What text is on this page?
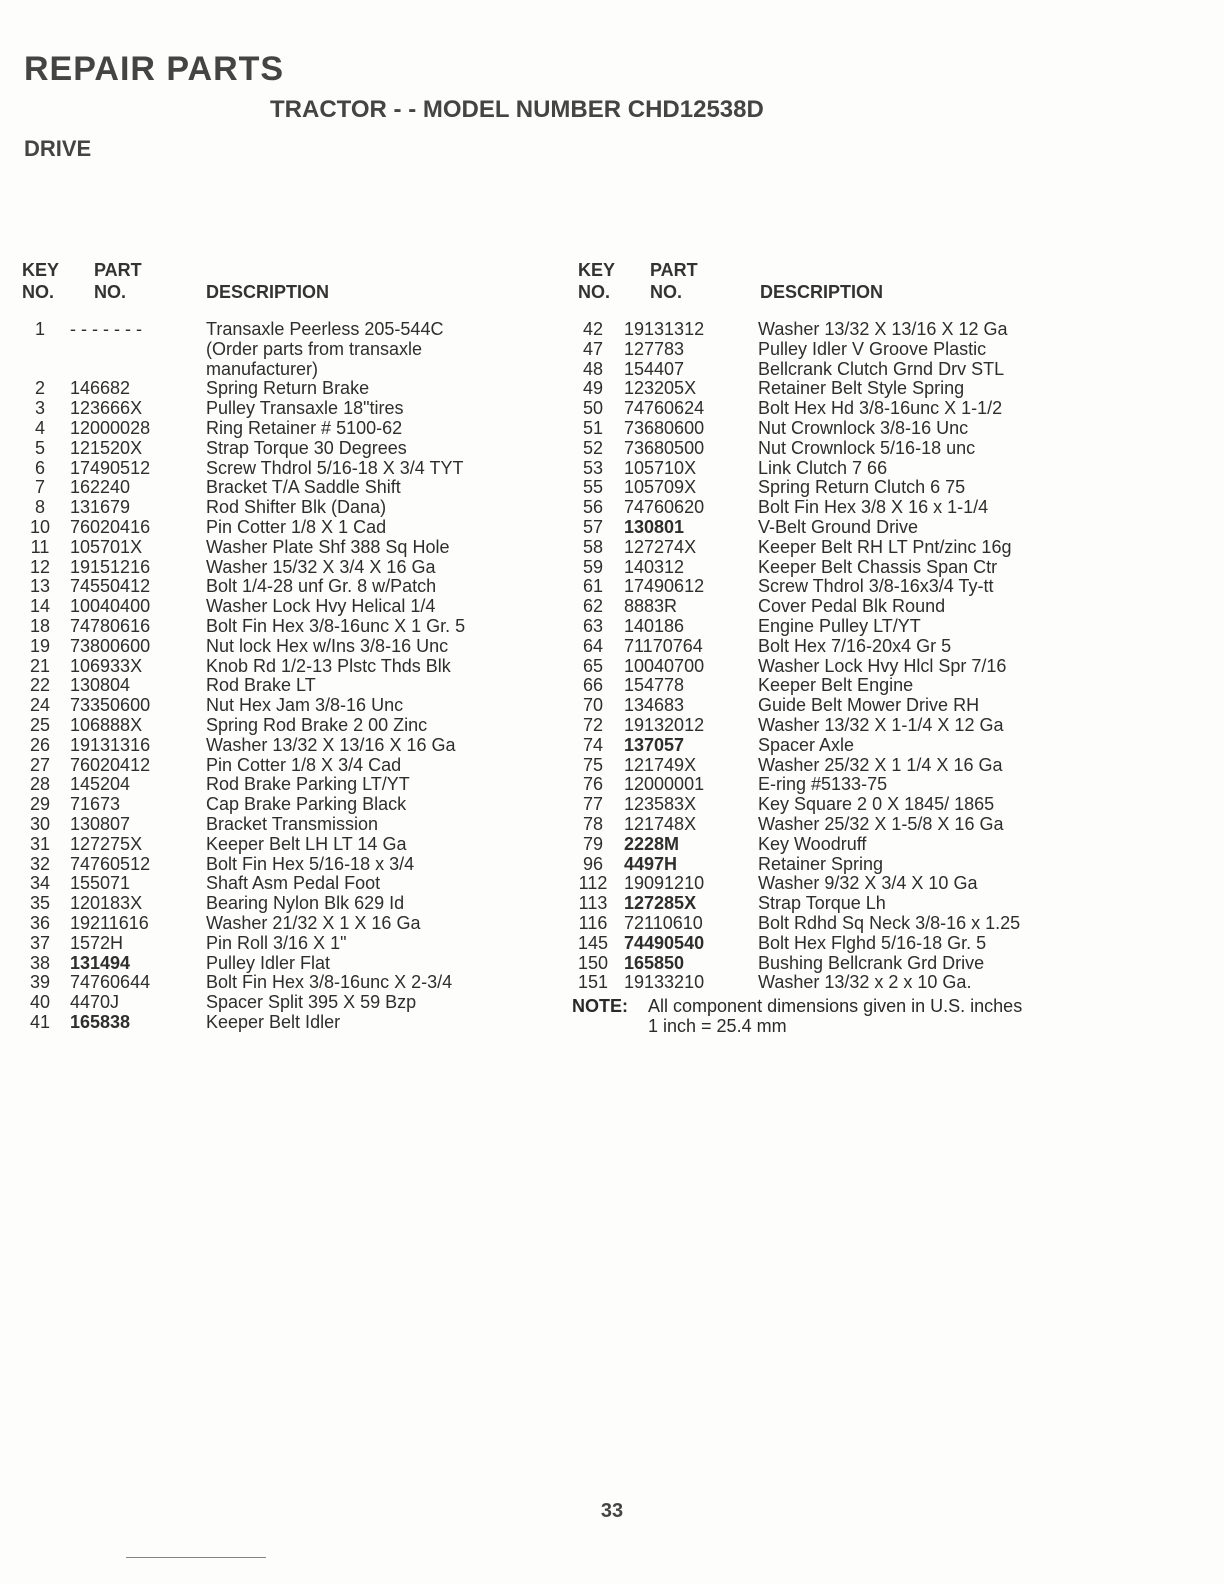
REPAIR PARTS
TRACTOR - - MODEL NUMBER CHD12538D
DRIVE
KEY
NO.
PART
NO.	DESCRIPTION
1	- - - - - - -	Transaxle Peerless 205-544C
(Order parts from transaxle
manufacturer)
2	146682	Spring Return Brake
3	123666X	Pulley Transaxle 18"tires
4	12000028	Ring Retainer # 5100-62
5	121520X	Strap Torque 30 Degrees
6	17490512	Screw Thdrol 5/16-18 X 3/4 TYT
7	162240	Bracket T/A Saddle Shift
8	131679	Rod Shifter Blk (Dana)
10	76020416	Pin Cotter 1/8 X 1 Cad
11	105701X	Washer Plate Shf 388 Sq Hole
12	19151216	Washer 15/32 X 3/4 X 16 Ga
13	74550412	Bolt 1/4-28 unf Gr. 8 w/Patch
14	10040400	Washer Lock Hvy Helical 1/4
18	74780616	Bolt Fin Hex 3/8-16unc X 1 Gr. 5
19	73800600	Nut lock Hex w/Ins 3/8-16 Unc
21	106933X	Knob Rd 1/2-13 Plstc Thds Blk
22	130804	Rod Brake LT
24	73350600	Nut Hex Jam 3/8-16 Unc
25	106888X	Spring Rod Brake 2 00 Zinc
26	19131316	Washer 13/32 X 13/16 X 16 Ga
27	76020412	Pin Cotter 1/8 X 3/4 Cad
28	145204	Rod Brake Parking LT/YT
29	71673	Cap Brake Parking Black
30	130807	Bracket Transmission
31	127275X	Keeper Belt LH LT 14 Ga
32	74760512	Bolt Fin Hex 5/16-18 x 3/4
34	155071	Shaft Asm Pedal Foot
35	120183X	Bearing Nylon Blk 629 Id
36	19211616	Washer 21/32 X 1 X 16 Ga
37	1572H	Pin Roll 3/16 X 1"
38	131494	Pulley Idler Flat
39	74760644	Bolt Fin Hex 3/8-16unc X 2-3/4
40	4470J	Spacer Split 395 X 59 Bzp
41	165838	Keeper Belt Idler
KEY
NO.
PART
NO.	DESCRIPTION
42	19131312	Washer 13/32 X 13/16 X 12 Ga
47	127783	Pulley Idler V Groove Plastic
48	154407	Bellcrank Clutch Grnd Drv STL
49	123205X	Retainer Belt Style Spring
50	74760624	Bolt Hex Hd 3/8-16unc X 1-1/2
51	73680600	Nut Crownlock 3/8-16 Unc
52	73680500	Nut Crownlock 5/16-18 unc
53	105710X	Link Clutch 7 66
55	105709X	Spring Return Clutch 6 75
56	74760620	Bolt Fin Hex 3/8 X 16 x 1-1/4
57	130801	V-Belt Ground Drive
58	127274X	Keeper Belt RH LT Pnt/zinc 16g
59	140312	Keeper Belt Chassis Span Ctr
61	17490612	Screw Thdrol 3/8-16x3/4 Ty-tt
62	8883R	Cover Pedal Blk Round
63	140186	Engine Pulley LT/YT
64	71170764	Bolt Hex 7/16-20x4 Gr 5
65	10040700	Washer Lock Hvy Hlcl Spr 7/16
66	154778	Keeper Belt Engine
70	134683	Guide Belt Mower Drive RH
72	19132012	Washer 13/32 X 1-1/4 X 12 Ga
74	137057	Spacer Axle
75	121749X	Washer 25/32 X 1 1/4 X 16 Ga
76	12000001	E-ring #5133-75
77	123583X	Key Square 2 0 X 1845/ 1865
78	121748X	Washer 25/32 X 1-5/8 X 16 Ga
79	2228M	Key Woodruff
96	4497H	Retainer Spring
112 19091210	Washer 9/32 X 3/4 X 10 Ga
113 127285X	Strap Torque Lh
116 72110610	Bolt Rdhd Sq Neck 3/8-16 x 1.25
145 74490540	Bolt Hex Flghd 5/16-18 Gr. 5
150 165850	Bushing Bellcrank Grd Drive
151 19133210	Washer 13/32 x 2 x 10 Ga.
NOTE:	All component dimensions given in U.S. inches
1 inch = 25.4 mm
33
